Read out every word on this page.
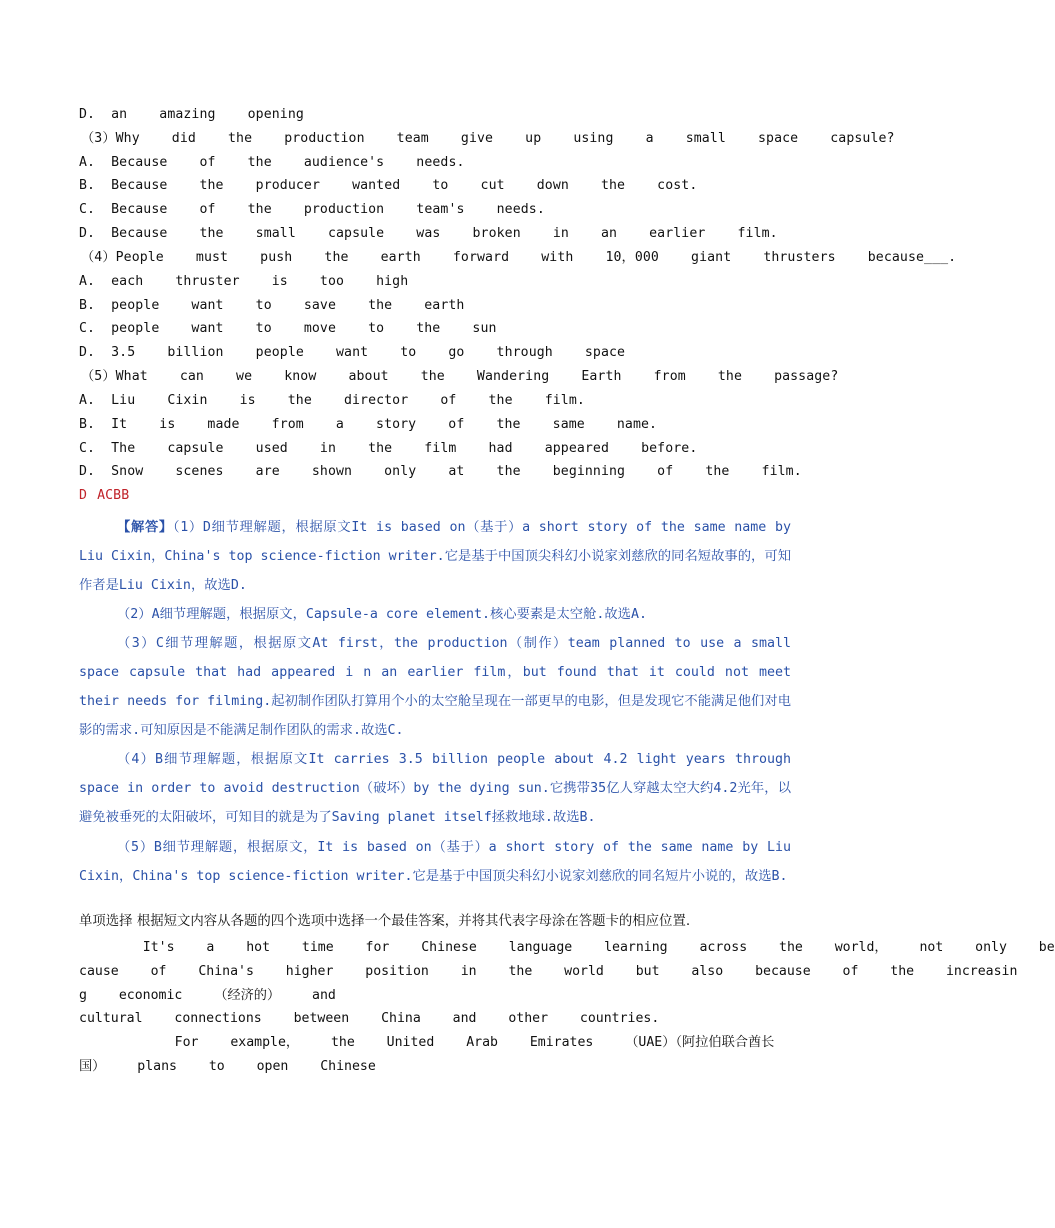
D. an  amazing  opening
（3）Why  did  the  production  team  give  up  using  a  small  space  capsule?
A. Because  of  the  audience's  needs.
B. Because  the  producer  wanted  to  cut  down  the  cost.
C. Because  of  the  production  team's  needs.
D. Because  the  small  capsule  was  broken  in  an  earlier  film.
（4）People  must  push  the  earth  forward  with  10，000  giant  thrusters  because___.
A. each  thruster  is  too  high
B. people  want  to  save  the  earth
C. people  want  to  move  to  the  sun
D. 3.5  billion  people  want  to  go  through  space
（5）What  can  we  know  about  the  Wandering  Earth  from  the  passage?
A. Liu  Cixin  is  the  director  of  the  film.
B. It  is  made  from  a  story  of  the  same  name.
C. The  capsule  used  in  the  film  had  appeared  before.
D. Snow  scenes  are  shown  only  at  the  beginning  of  the  film.
D ACBB
【解答】（1）D细节理解题，根据原文It is based on（基于）a short story of the same name by Liu Cixin，China's top science-fiction writer.它是基于中国顶尖科幻小说家刘慈欣的同名短故事的，可知作者是Liu Cixin，故选D.
（2）A细节理解题，根据原文，Capsule-a core element.核心要素是太空舱.故选A.
（3）C细节理解题，根据原文At first，the production（制作）team planned to use a small space capsule that had appeared i n an earlier film，but found that it could not meet their needs for filming.起初制作团队打算用个小的太空舱呈现在一部更早的电影，但是发现它不能满足他们对电影的需求.可知原因是不能满足制作团队的需求.故选C.
（4）B细节理解题，根据原文It carries 3.5 billion people about 4.2 light years through space in order to avoid destruction（破坏）by the dying sun.它携带35亿人穿越太空大约4.2光年，以避免被垂死的太阳破坏，可知目的就是为了Saving planet itself拯救地球.故选B.
（5）B细节理解题，根据原文，It is based on（基于）a short story of the same name by Liu Cixin，China's top science-fiction writer.它是基于中国顶尖科幻小说家刘慈欣的同名短片小说的，故选B.
单项选择 根据短文内容从各题的四个选项中选择一个最佳答案，并将其代表字母涂在答题卡的相应位置.
It's  a  hot  time  for  Chinese  language  learning  across  the  world，  not  only  be
cause  of  China's  higher  position  in  the  world  but  also  because  of  the  increasin
g  economic  （经济的）  and
cultural  connections  between  China  and  other  countries.
For  example，  the  United  Arab  Emirates  （UAE）（阿拉伯联合酋长
国）  plans  to  open  Chinese
